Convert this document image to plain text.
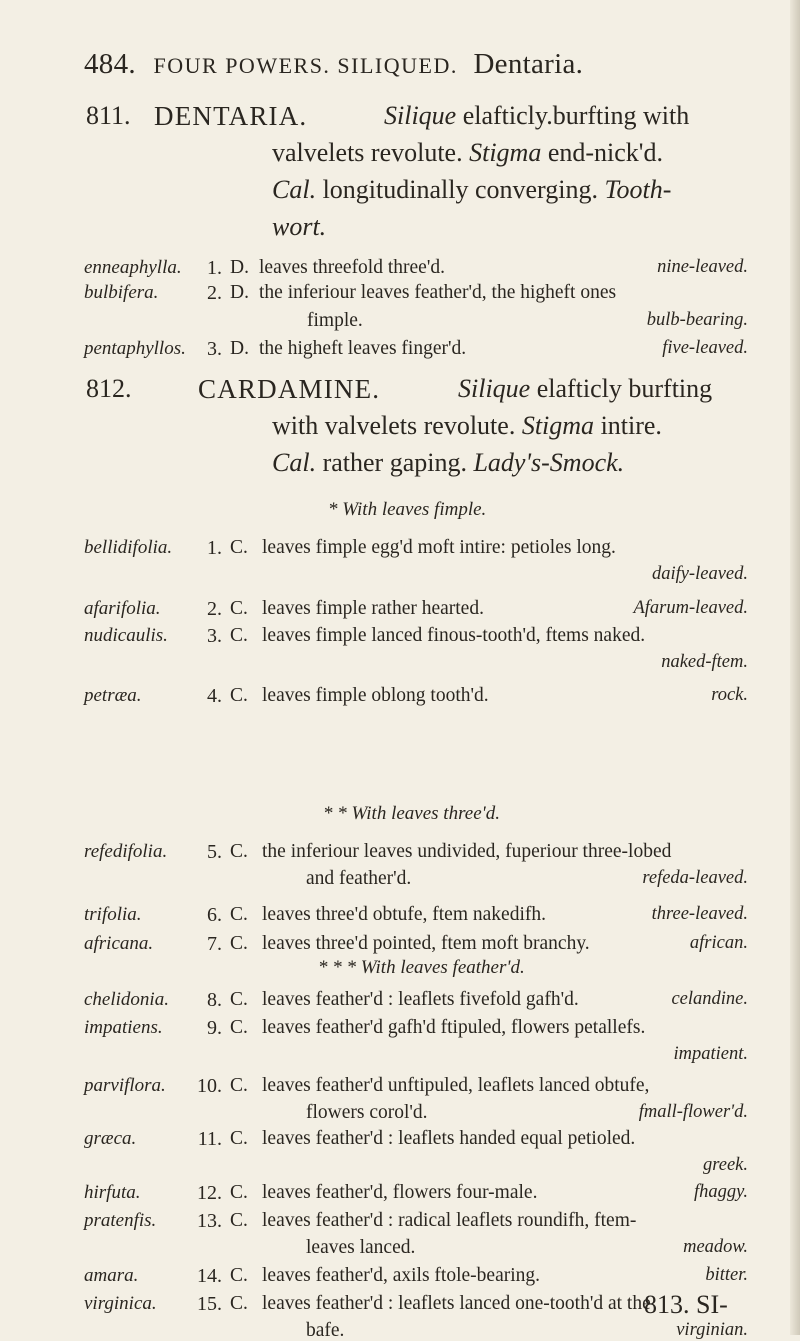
484. FOUR POWERS. SILIQUED. Dentaria.
811. DENTARIA.	Silique elafticly.burfting with
valvelets revolute. Stigma end-nick'd.
Cal. longitudinally converging. Tooth-
wort.
enneaphylla.	1. D. leaves threefold three'd.	nine-leaved.
bulbifera.	2. D. the inferiour leaves feather'd, the higheft ones
fimple.	bulb-bearing.
pentaphyllos.	3. D. the higheft leaves finger'd.	five-leaved.
812. CARDAMINE.	Silique elafticly burfting
with valvelets revolute. Stigma intire.
Cal. rather gaping. Lady's-Smock.
* With leaves fimple.
* * With leaves three'd.
* * * With leaves feather'd.
bellidifolia.	1. C. leaves fimple egg'd moft intire: petioles long.
daify-leaved.
afarifolia.	2. C. leaves fimple rather hearted.	Afarum-leaved.
nudicaulis.	3. C. leaves fimple lanced finous-tooth'd, ftems naked.
naked-ftem.
petræa.	4. C. leaves fimple oblong tooth'd.	rock.
refedifolia.	5. C. the inferiour leaves undivided, fuperiour three-lobed
and feather'd.	refeda-leaved.
trifolia.	6. C. leaves three'd obtufe, ftem nakedifh.	three-leaved.
africana.	7. C. leaves three'd pointed, ftem moft branchy.	african.
chelidonia.	8. C. leaves feather'd : leaflets fivefold gafh'd.	celandine.
impatiens.	9. C. leaves feather'd gafh'd ftipuled, flowers petallefs.
impatient.
parviflora. 10. C. leaves feather'd unftipuled, leaflets lanced obtufe,
flowers corol'd.	fmall-flower'd.
græca.	11. C. leaves feather'd : leaflets handed equal petioled.
greek.
hirfuta.	12. C. leaves feather'd, flowers four-male.	fhaggy.
pratenfis. 13. C. leaves feather'd : radical leaflets roundifh, ftem-
leaves lanced.	meadow.
amara.	14. C. leaves feather'd, axils ftole-bearing.	bitter.
virginica. 15. C. leaves feather'd : leaflets lanced one-tooth'd at the
bafe.	virginian.
813. SI-
